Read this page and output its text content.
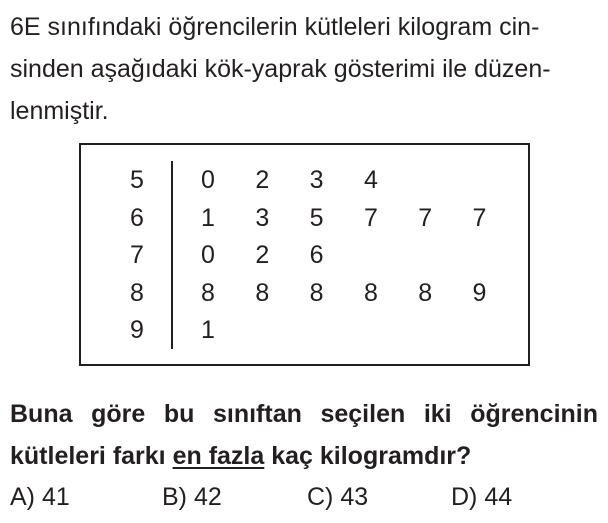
6E sınıfındaki öğrencilerin kütleleri kilogram cin-
sinden aşağıdaki kök-yaprak gösterimi ile düzen-
lenmiştir.
5 0 2 3 4
6 1 3 5 7 7 7
7 0 2 6
8 8 8 8 8 8 9
9 1
Buna göre bu sınıftan seçilen iki öğrencinin
kütleleri farkı en fazla kaç kilogramdır?
A) 41	B) 42	C) 43	D) 44
